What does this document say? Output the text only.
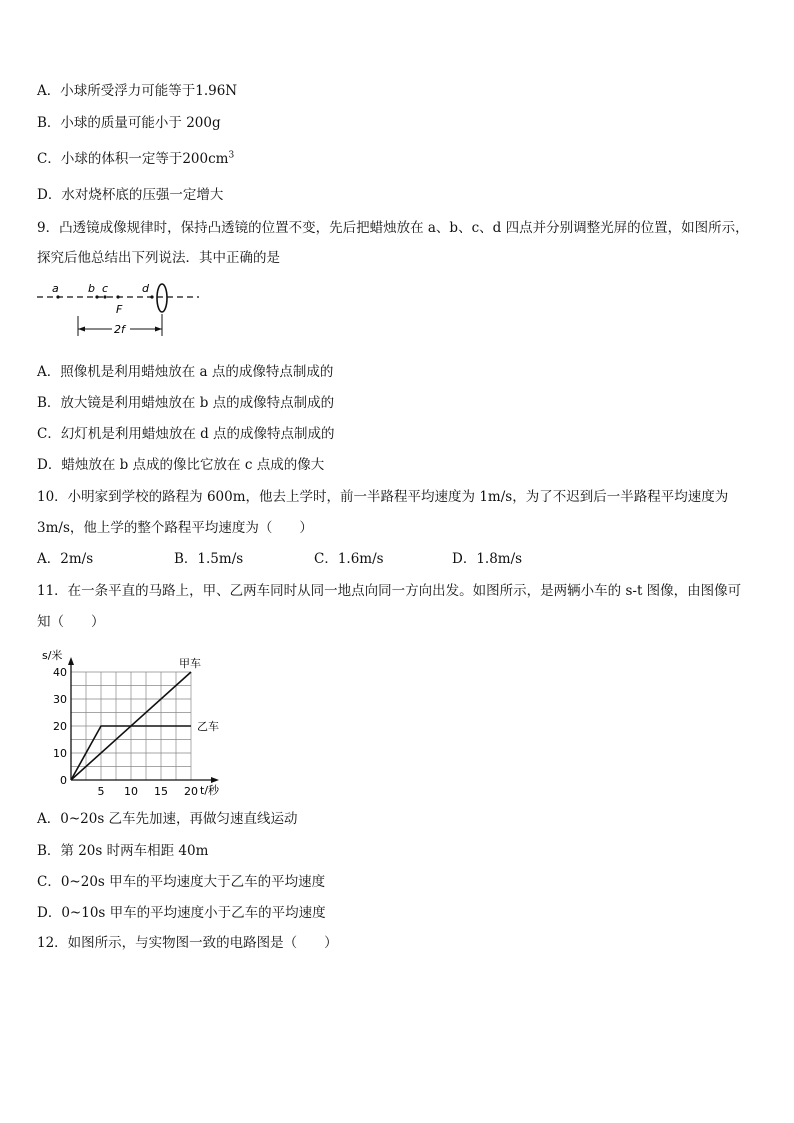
A．小球所受浮力可能等于1.96N
B．小球的质量可能小于 200g
C．小球的体积一定等于$200cm^3$
D．水对烧杯底的压强一定增大
9．凸透镜成像规律时，保持凸透镜的位置不变，先后把蜡烛放在 a、b、c、d 四点并分别调整光屏的位置，如图所示，
探究后他总结出下列说法．其中正确的是
a	b c	d
F
2f
A．照像机是利用蜡烛放在 a 点的成像特点制成的
B．放大镜是利用蜡烛放在 b 点的成像特点制成的
C．幻灯机是利用蜡烛放在 d 点的成像特点制成的
D．蜡烛放在 b 点成的像比它放在 c 点成的像大
10．小明家到学校的路程为 600m，他去上学时，前一半路程平均速度为 1m/s，为了不迟到后一半路程平均速度为
3m/s，他上学的整个路程平均速度为（　　）
A．2m/s	B．1.5m/s	C．1.6m/s	D．1.8m/s
11．在一条平直的马路上，甲、乙两车同时从同一地点向同一方向出发。如图所示，是两辆小车的 s-t 图像，由图像可
知（　　）
0
10
20
30
40
5 10 15 20
甲车
乙车
s/米
t/秒
A．0~20s 乙车先加速，再做匀速直线运动
B．第 20s 时两车相距 40m
C．0~20s 甲车的平均速度大于乙车的平均速度
D．0~10s 甲车的平均速度小于乙车的平均速度
12．如图所示，与实物图一致的电路图是（　　）
